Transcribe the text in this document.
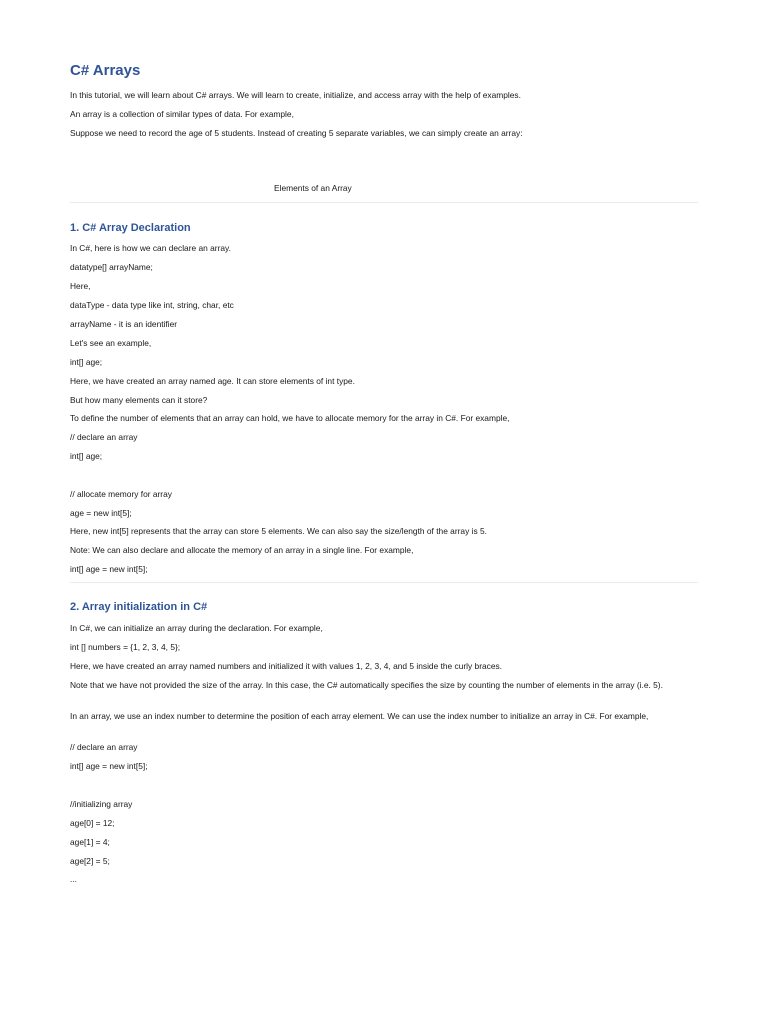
C# Arrays

In this tutorial, we will learn about C# arrays. We will learn to create, initialize, and access array with the help of examples.

An array is a collection of similar types of data. For example,

Suppose we need to record the age of 5 students. Instead of creating 5 separate variables, we can simply create an array:

Elements of an Array

1. C# Array Declaration

In C#, here is how we can declare an array.

datatype[] arrayName;

Here,

dataType - data type like int, string, char, etc

arrayName - it is an identifier

Let's see an example,

int[] age;

Here, we have created an array named age. It can store elements of int type.

But how many elements can it store?

To define the number of elements that an array can hold, we have to allocate memory for the array in C#. For example,

// declare an array

int[] age;

// allocate memory for array

age = new int[5];

Here, new int[5] represents that the array can store 5 elements. We can also say the size/length of the array is 5.

Note: We can also declare and allocate the memory of an array in a single line. For example,

int[] age = new int[5];

2. Array initialization in C#

In C#, we can initialize an array during the declaration. For example,

int [] numbers = {1, 2, 3, 4, 5};

Here, we have created an array named numbers and initialized it with values 1, 2, 3, 4, and 5 inside the curly braces.

Note that we have not provided the size of the array. In this case, the C# automatically specifies the size by counting the number of elements in the array (i.e. 5).

In an array, we use an index number to determine the position of each array element. We can use the index number to initialize an array in C#. For example,

// declare an array

int[] age = new int[5];

//initializing array

age[0] = 12;

age[1] = 4;

age[2] = 5;

...
